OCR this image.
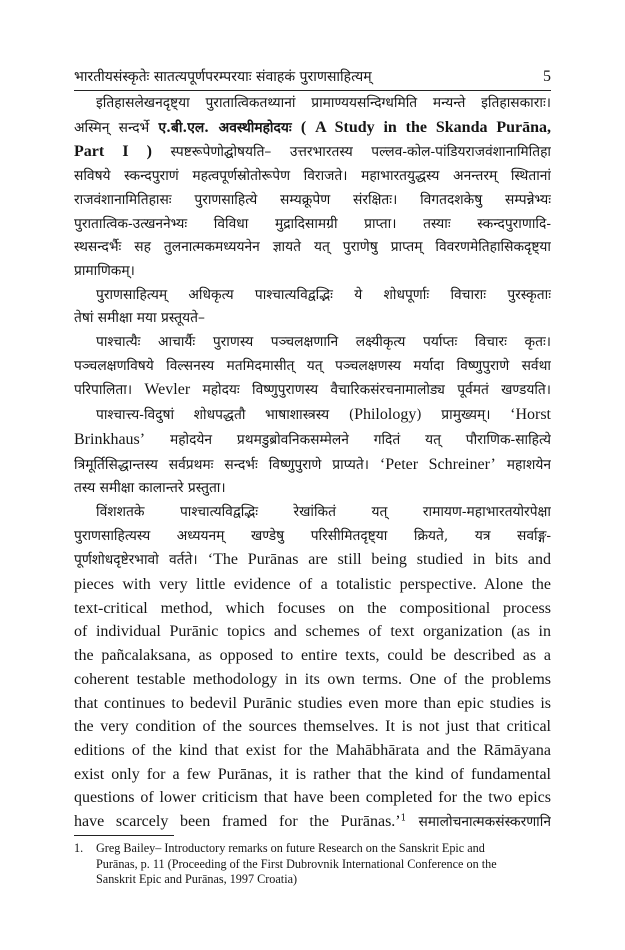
भारतीयसंस्कृतेः सातत्यपूर्णपरम्परयाः संवाहकं पुराणसाहित्यम्	5

इतिहासलेखनदृष्ट्या पुरातात्विकतथ्यानां प्रामाण्ययसन्दिग्धमिति मन्यन्ते इतिहासकाराः।
अस्मिन् सन्दर्भे ए.बी.एल. अवस्थीमहोदयः ( A Study in the Skanda Purāna,
Part I ) स्पष्टरूपेणोद्घोषयति– उत्तरभारतस्य पल्लव-कोल-पांडियराजवंशानामितिहा
सविषये स्कन्दपुराणं महत्वपूर्णस्रोतोरूपेण विराजते। महाभारतयुद्धस्य अनन्तरम् स्थितानां
राजवंशानामितिहासः पुराणसाहित्ये सम्यक्रूपेण संरक्षितः। विगतदशकेषु सम्पन्नेभ्यः
पुरातात्विक-उत्खननेभ्यः विविधा मुद्रादिसामग्री प्राप्ता। तस्याः स्कन्दपुराणादि-
स्थसन्दर्भैः सह तुलनात्मकमध्ययनेन ज्ञायते यत् पुराणेषु प्राप्तम् विवरणमेतिहासिकदृष्ट्या
प्रामाणिकम्।

पुराणसाहित्यम् अधिकृत्य पाश्चात्यविद्वद्भिः ये शोधपूर्णाः विचाराः पुरस्कृताः
तेषां समीक्षा मया प्रस्तूयते–

पाश्चात्यैः आचार्यैः पुराणस्य पञ्चलक्षणानि लक्ष्यीकृत्य पर्याप्तः विचारः कृतः।
पञ्चलक्षणविषये विल्सनस्य मतमिदमासीत् यत् पञ्चलक्षणस्य मर्यादा विष्णुपुराणे सर्वथा
परिपालिता। Wevler महोदयः विष्णुपुराणस्य वैचारिकसंरचनामालोड्य पूर्वमतं खण्डयति।

पाश्चात्त्य-विदुषां शोधपद्धतौ भाषाशास्त्रस्य (Philology) प्रामुख्यम्। ‘Horst
Brinkhaus’ महोदयेन प्रथमडुब्रोवनिकसम्मेलने गदितं यत् पौराणिक-साहित्ये
त्रिमूर्तिसिद्धान्तस्य सर्वप्रथमः सन्दर्भः विष्णुपुराणे प्राप्यते। ‘Peter Schreiner’ महाशयेन
तस्य समीक्षा कालान्तरे प्रस्तुता।

विंशशतके पाश्चात्यविद्वद्भिः रेखांकितं यत् रामायण-महाभारतयोरपेक्षा
पुराणसाहित्यस्य अध्ययनम् खण्डेषु परिसीमितदृष्ट्या क्रियते, यत्र सर्वाङ्ग-
पूर्णशोधदृष्टेरभावो वर्तते। ‘The Purānas are still being studied in bits and
pieces with very little evidence of a totalistic perspective. Alone the
text-critical method, which focuses on the compositional process
of individual Purānic topics and schemes of text organization (as in
the pañcalaksana, as opposed to entire texts, could be described as a
coherent testable methodology in its own terms. One of the problems
that continues to bedevil Purānic studies even more than epic studies is
the very condition of the sources themselves. It is not just that critical
editions of the kind that exist for the Mahābhārata and the Rāmāyana
exist only for a few Purānas, it is rather that the kind of fundamental
questions of lower criticism that have been completed for the two epics
have scarcely been framed for the Purānas.’$^1$ समालोचनात्मकसंस्करणानि

1. Greg Bailey– Introductory remarks on future Research on the Sanskrit Epic and
Purānas, p. 11 (Proceeding of the First Dubrovnik International Conference on the
Sanskrit Epic and Purānas, 1997 Croatia)
